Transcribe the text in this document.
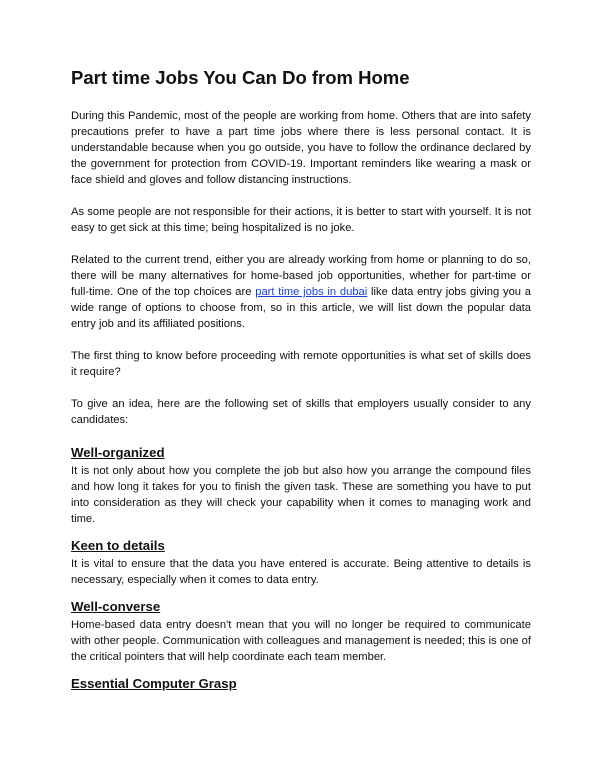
Part time Jobs You Can Do from Home

During this Pandemic, most of the people are working from home. Others that are into safety precautions prefer to have a part time jobs where there is less personal contact. It is understandable because when you go outside, you have to follow the ordinance declared by the government for protection from COVID-19. Important reminders like wearing a mask or face shield and gloves and follow distancing instructions.

As some people are not responsible for their actions, it is better to start with yourself. It is not easy to get sick at this time; being hospitalized is no joke.

Related to the current trend, either you are already working from home or planning to do so, there will be many alternatives for home-based job opportunities, whether for part-time or full-time. One of the top choices are part time jobs in dubai like data entry jobs giving you a wide range of options to choose from, so in this article, we will list down the popular data entry job and its affiliated positions.

The first thing to know before proceeding with remote opportunities is what set of skills does it require?

To give an idea, here are the following set of skills that employers usually consider to any candidates:

Well-organized

It is not only about how you complete the job but also how you arrange the compound files and how long it takes for you to finish the given task. These are something you have to put into consideration as they will check your capability when it comes to managing work and time.

Keen to details

It is vital to ensure that the data you have entered is accurate. Being attentive to details is necessary, especially when it comes to data entry.

Well-converse

Home-based data entry doesn't mean that you will no longer be required to communicate with other people. Communication with colleagues and management is needed; this is one of the critical pointers that will help coordinate each team member.

Essential Computer Grasp
